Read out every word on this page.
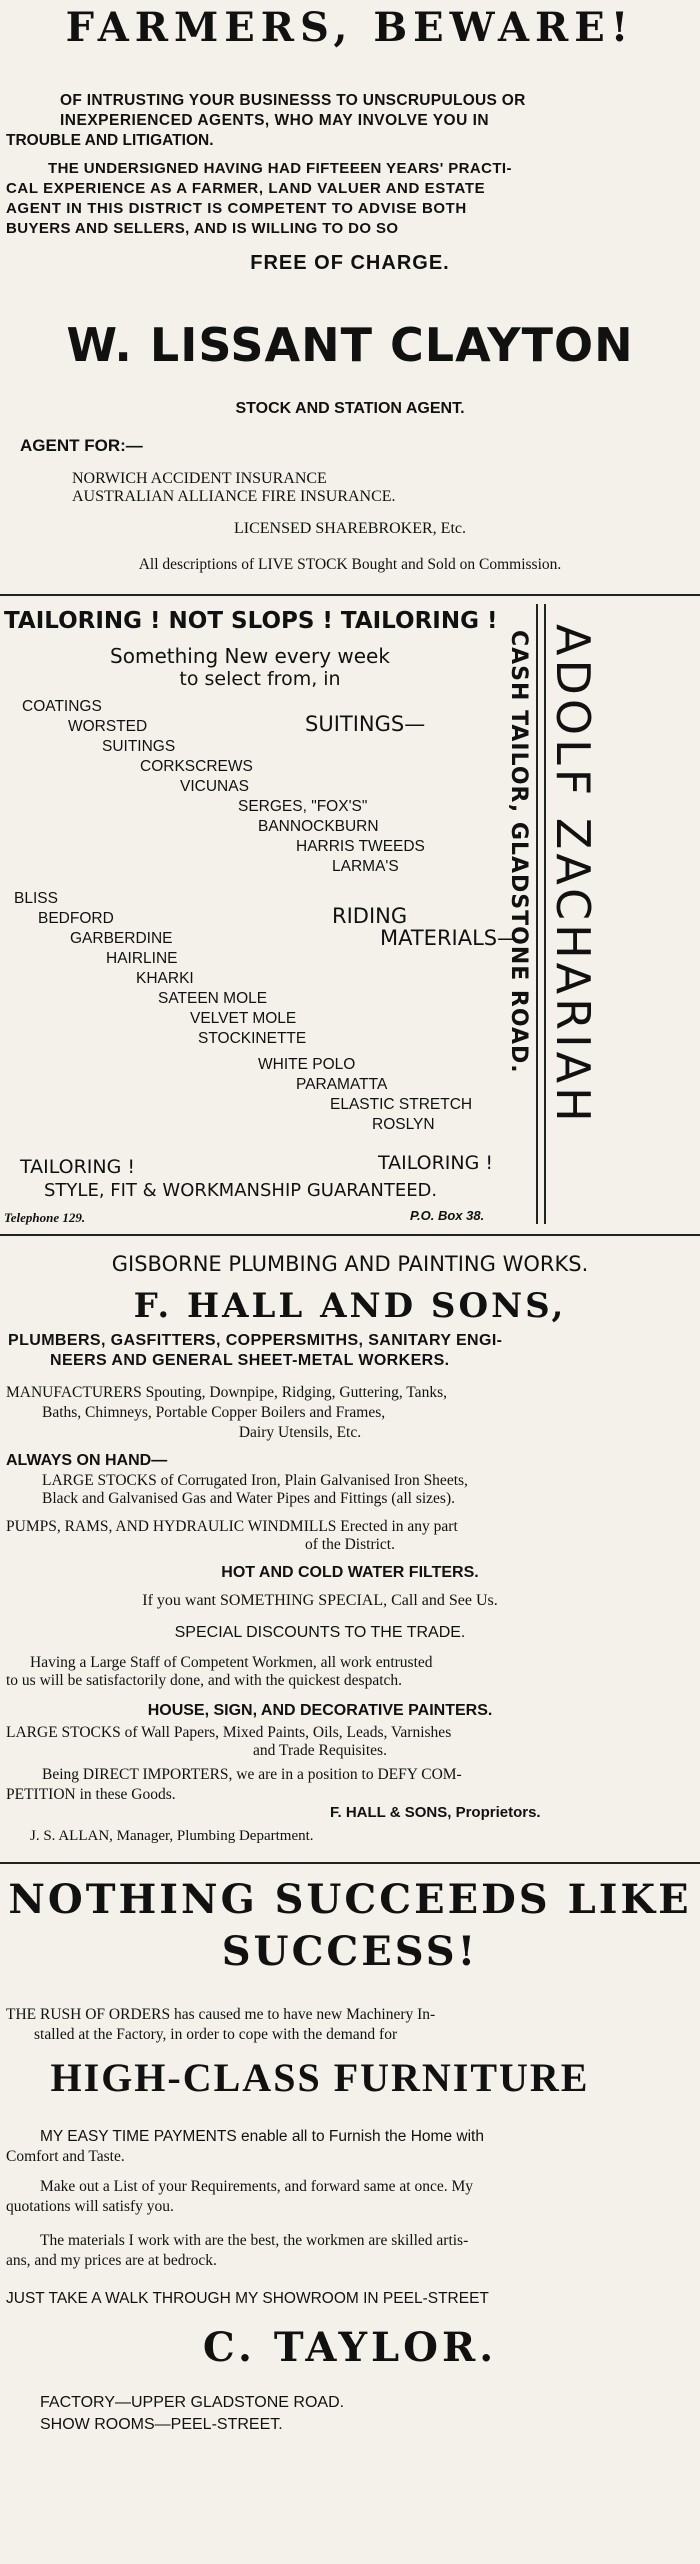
FARMERS, BEWARE!
OF INTRUSTING YOUR BUSINESSS TO UNSCRUPULOUS OR
INEXPERIENCED AGENTS, WHO MAY INVOLVE YOU IN
TROUBLE AND LITIGATION.
THE UNDERSIGNED HAVING HAD FIFTEEEN YEARS' PRACTI-
CAL EXPERIENCE AS A FARMER, LAND VALUER AND ESTATE
AGENT IN THIS DISTRICT IS COMPETENT TO ADVISE BOTH
BUYERS AND SELLERS, AND IS WILLING TO DO SO
FREE OF CHARGE.
W. LISSANT CLAYTON
STOCK AND STATION AGENT.
AGENT FOR:—
NORWICH ACCIDENT INSURANCE
AUSTRALIAN ALLIANCE FIRE INSURANCE.
LICENSED SHAREBROKER, Etc.
All descriptions of LIVE STOCK Bought and Sold on Commission.
TAILORING ! NOT SLOPS ! TAILORING !
Something New every week
to select from, in
COATINGS
WORSTED	SUITINGS—
SUITINGS
CORKSCREWS
VICUNAS
SERGES, "FOX'S"
BANNOCKBURN
HARRIS TWEEDS
LARMA'S
BLISS
BEDFORD	RIDING
MATERIALS—
GARBERDINE
HAIRLINE
KHARKI
SATEEN MOLE
VELVET MOLE
STOCKINETTE
WHITE POLO
PARAMATTA
ELASTIC STRETCH
ROSLYN
TAILORING !	TAILORING !
STYLE, FIT & WORKMANSHIP GUARANTEED.
Telephone 129.	P.O. Box 38.
CASH TAILOR, GLADSTONE ROAD. ADOLF ZACHARIAH
GISBORNE PLUMBING AND PAINTING WORKS.
F. HALL AND SONS,
PLUMBERS, GASFITTERS, COPPERSMITHS, SANITARY ENGI-
NEERS AND GENERAL SHEET-METAL WORKERS.
MANUFACTURERS Spouting, Downpipe, Ridging, Guttering, Tanks,
Baths, Chimneys, Portable Copper Boilers and Frames,
Dairy Utensils, Etc.
ALWAYS ON HAND—
LARGE STOCKS of Corrugated Iron, Plain Galvanised Iron Sheets,
Black and Galvanised Gas and Water Pipes and Fittings (all sizes).
PUMPS, RAMS, AND HYDRAULIC WINDMILLS Erected in any part
of the District.
HOT AND COLD WATER FILTERS.
If you want SOMETHING SPECIAL, Call and See Us.
SPECIAL DISCOUNTS TO THE TRADE.
Having a Large Staff of Competent Workmen, all work entrusted
to us will be satisfactorily done, and with the quickest despatch.
HOUSE, SIGN, AND DECORATIVE PAINTERS.
LARGE STOCKS of Wall Papers, Mixed Paints, Oils, Leads, Varnishes
and Trade Requisites.
Being DIRECT IMPORTERS, we are in a position to DEFY COM-
PETITION in these Goods.
F. HALL & SONS, Proprietors.
J. S. ALLAN, Manager, Plumbing Department.
NOTHING SUCCEEDS LIKE
SUCCESS!
THE RUSH OF ORDERS has caused me to have new Machinery In-
stalled at the Factory, in order to cope with the demand for
HIGH-CLASS FURNITURE
MY EASY TIME PAYMENTS enable all to Furnish the Home with
Comfort and Taste.
Make out a List of your Requirements, and forward same at once. My
quotations will satisfy you.
The materials I work with are the best, the workmen are skilled artis-
ans, and my prices are at bedrock.
JUST TAKE A WALK THROUGH MY SHOWROOM IN PEEL-STREET
C. TAYLOR.
FACTORY—UPPER GLADSTONE ROAD.
SHOW ROOMS—PEEL-STREET.
